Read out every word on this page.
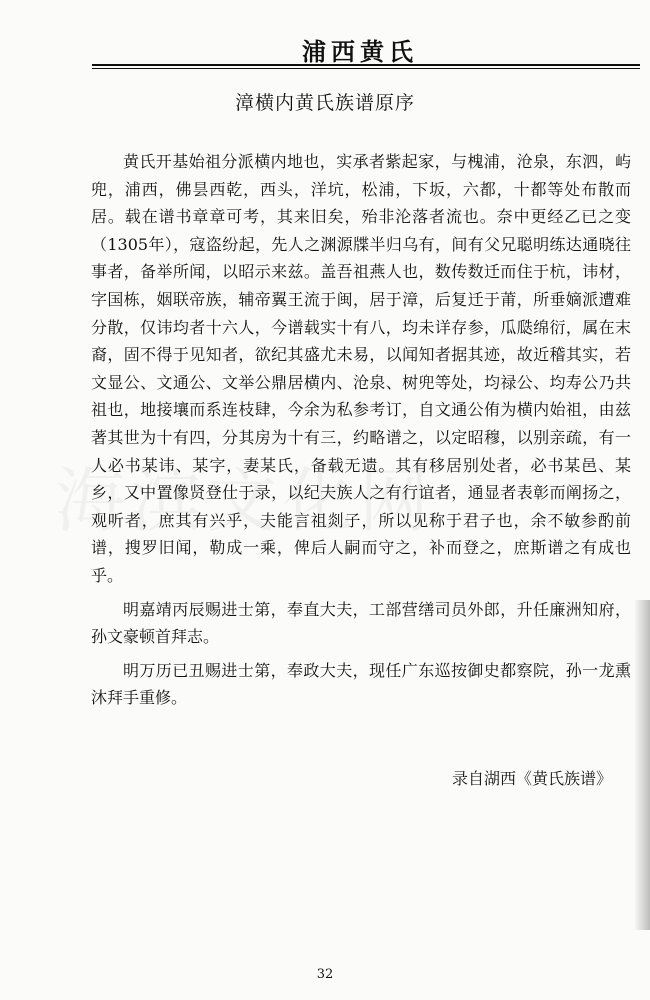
浦西黄氏
漳横内黄氏族谱原序

黄氏开基始祖分派横内地也，实承者紫起家，与槐浦，沧泉，东泗，屿兜，浦西，佛昙西乾，西头，洋坑，松浦，下坂，六都，十都等处布散而居。载在谱书章章可考，其来旧矣，殆非沦落者流也。奈中更经乙已之变（1305年），寇盗纷起，先人之渊源牒半归乌有，间有父兄聪明练达通晓往事者，备举所闻，以昭示来兹。盖吾祖燕人也，数传数迁而住于杭，讳材，字国栋，姻联帝族，辅帝翼王流于闽，居于漳，后复迁于莆，所垂嫡派遭难分散，仅讳均者十六人，今谱载实十有八，均未详存参，瓜瓞绵衍，属在末裔，固不得于见知者，欲纪其盛尤未易，以闻知者据其迹，故近稽其实，若文显公、文通公、文举公鼎居横内、沧泉、树兜等处，均禄公、均寿公乃共祖也，地接壤而系连枝肆，今余为私参考订，自文通公侑为横内始祖，由兹著其世为十有四，分其房为十有三，约略谱之，以定昭穆，以别亲疏，有一人必书某讳、某字，妻某氏，备载无遗。其有移居别处者，必书某邑、某乡，又中置像贤登仕于录，以纪夫族人之有行谊者，通显者表彰而阐扬之，观听者，庶其有兴乎，夫能言祖剡子，所以见称于君子也，余不敏参酌前谱，搜罗旧闻，勒成一乘，俾后人嗣而守之，补而登之，庶斯谱之有成也乎。

明嘉靖丙辰赐进士第，奉直大夫，工部营缮司员外郎，升任廉洲知府，孙文豪顿首拜志。

明万历已丑赐进士第，奉政大夫，现任广东巡按御史都察院，孙一龙熏沐拜手重修。

录自湖西《黄氏族谱》
32
